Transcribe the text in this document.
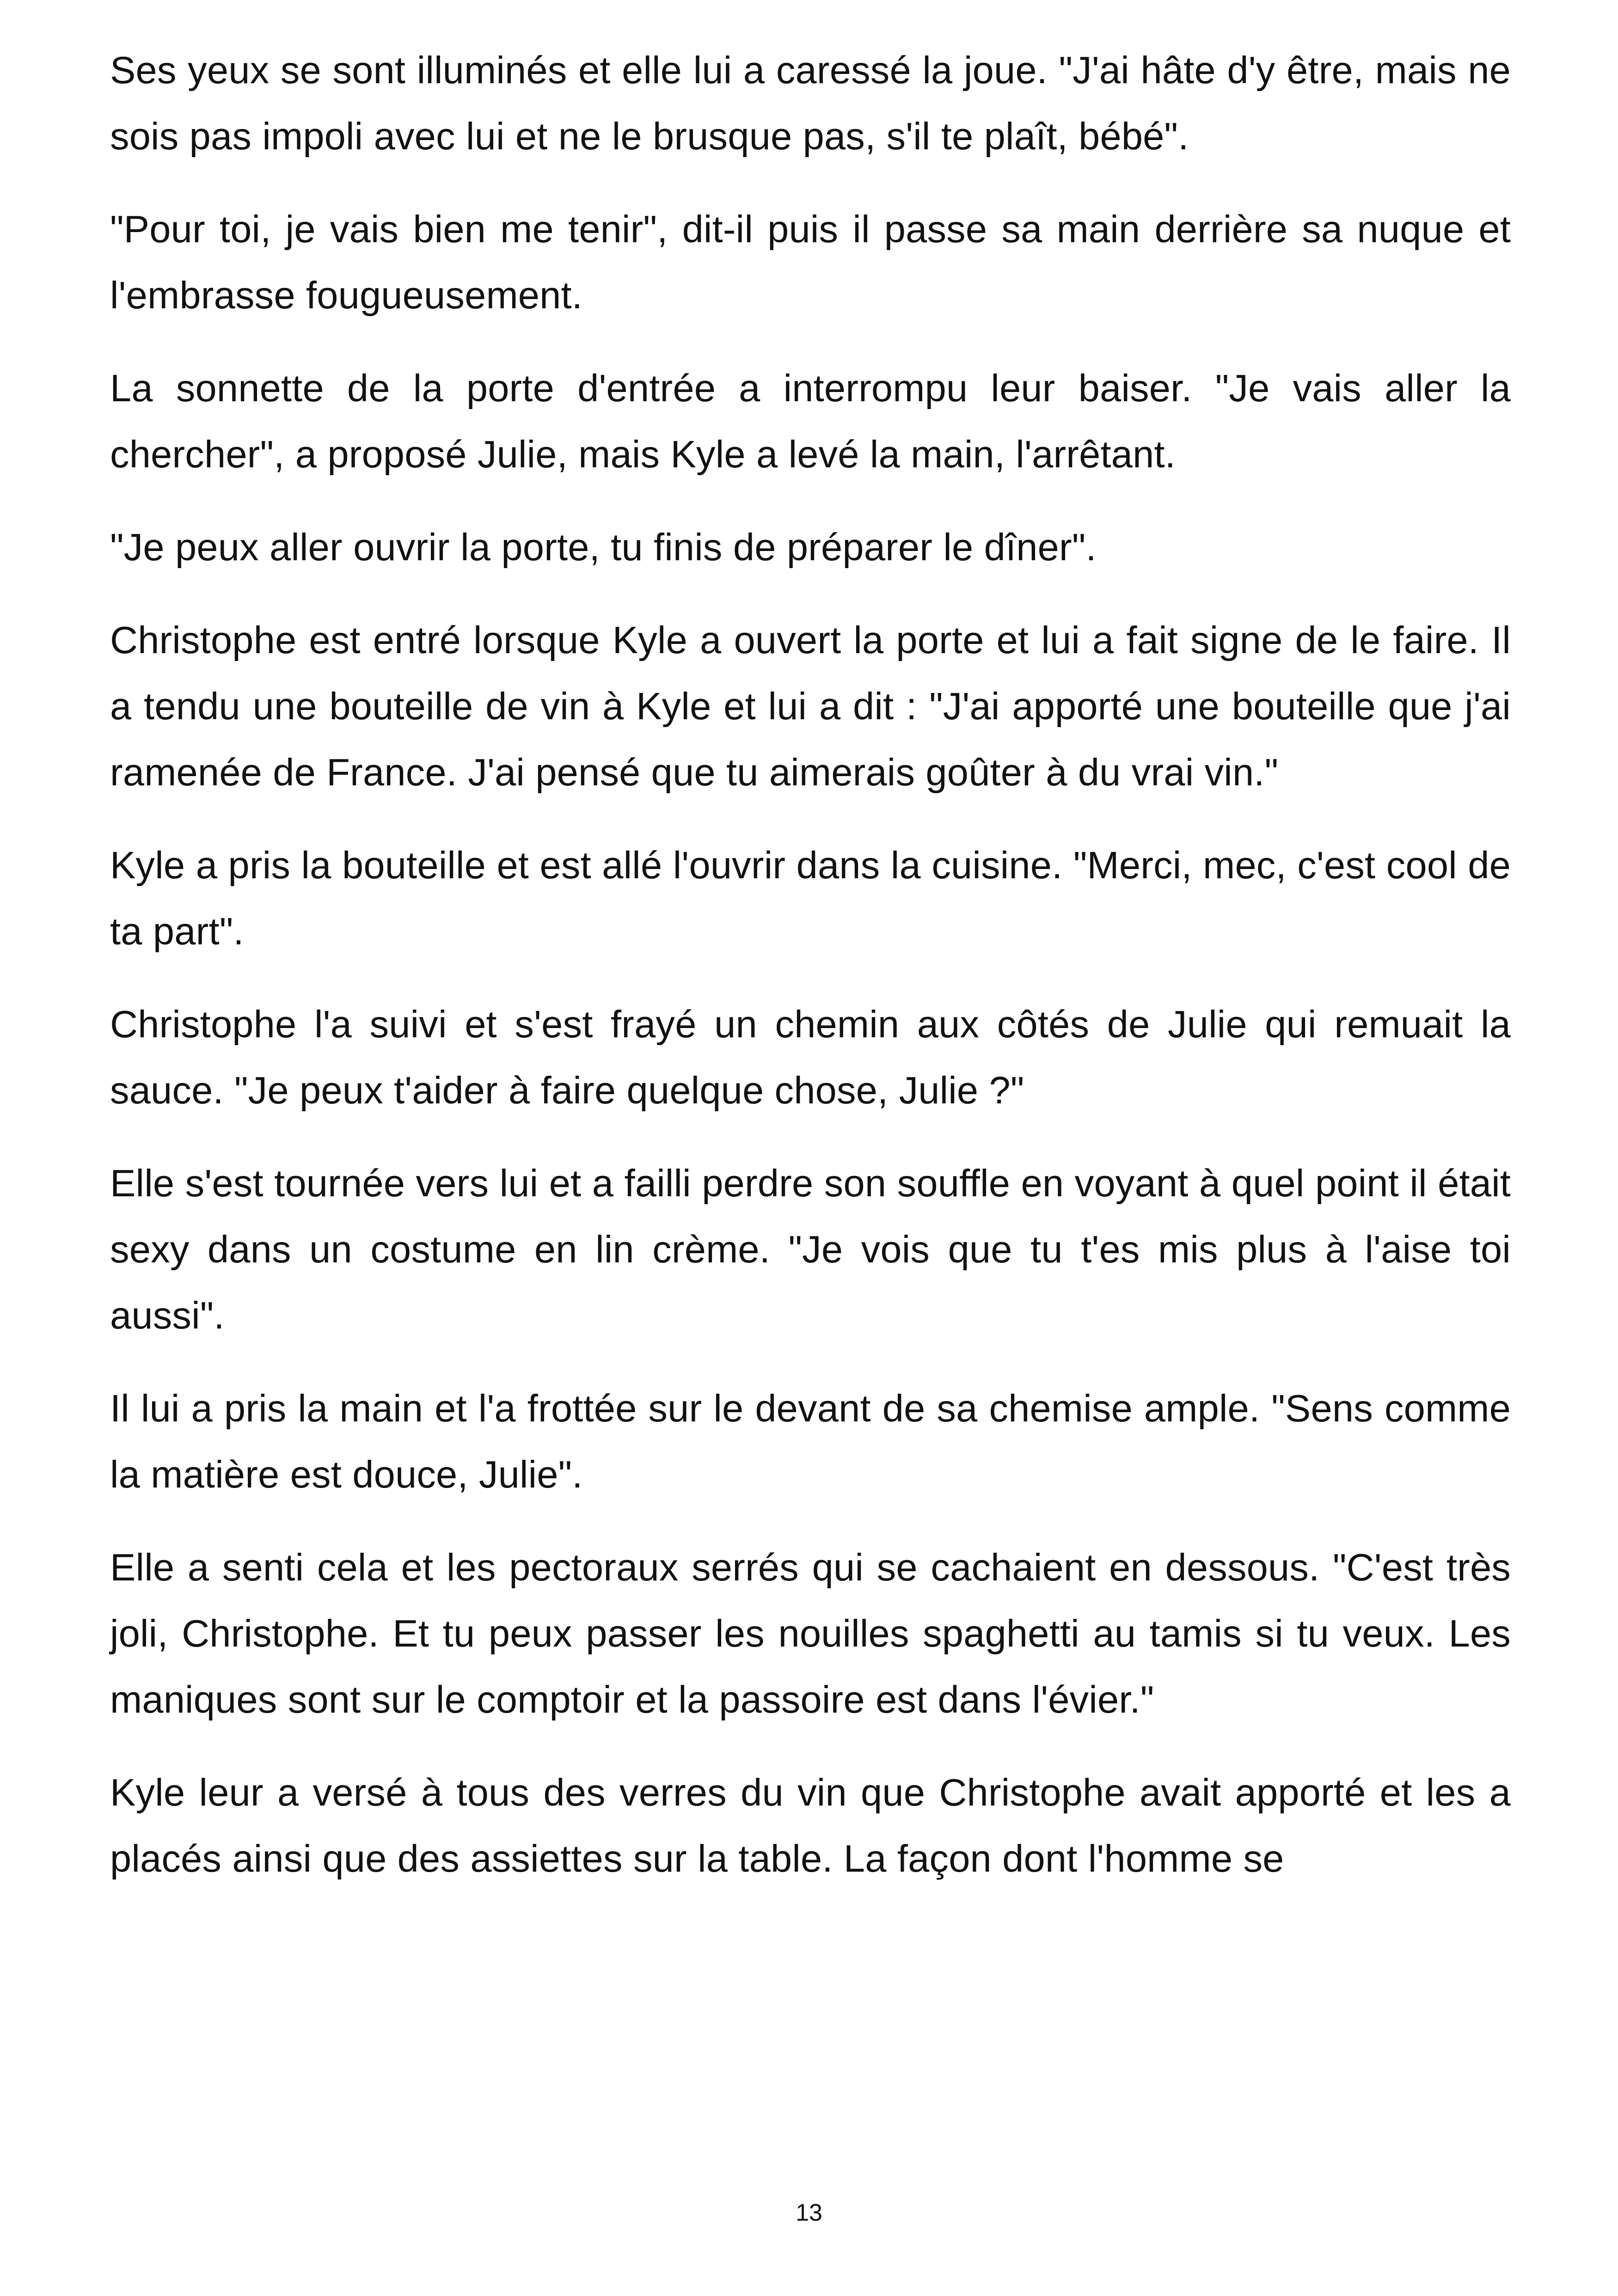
Ses yeux se sont illuminés et elle lui a caressé la joue. "J'ai hâte d'y être, mais ne sois pas impoli avec lui et ne le brusque pas, s'il te plaît, bébé".

"Pour toi, je vais bien me tenir", dit-il puis il passe sa main derrière sa nuque et l'embrasse fougueusement.

La sonnette de la porte d'entrée a interrompu leur baiser. "Je vais aller la chercher", a proposé Julie, mais Kyle a levé la main, l'arrêtant.

"Je peux aller ouvrir la porte, tu finis de préparer le dîner".

Christophe est entré lorsque Kyle a ouvert la porte et lui a fait signe de le faire. Il a tendu une bouteille de vin à Kyle et lui a dit : "J'ai apporté une bouteille que j'ai ramenée de France. J'ai pensé que tu aimerais goûter à du vrai vin."

Kyle a pris la bouteille et est allé l'ouvrir dans la cuisine. "Merci, mec, c'est cool de ta part".

Christophe l'a suivi et s'est frayé un chemin aux côtés de Julie qui remuait la sauce. "Je peux t'aider à faire quelque chose, Julie ?"

Elle s'est tournée vers lui et a failli perdre son souffle en voyant à quel point il était sexy dans un costume en lin crème. "Je vois que tu t'es mis plus à l'aise toi aussi".

Il lui a pris la main et l'a frottée sur le devant de sa chemise ample. "Sens comme la matière est douce, Julie".

Elle a senti cela et les pectoraux serrés qui se cachaient en dessous. "C'est très joli, Christophe. Et tu peux passer les nouilles spaghetti au tamis si tu veux. Les maniques sont sur le comptoir et la passoire est dans l'évier."

Kyle leur a versé à tous des verres du vin que Christophe avait apporté et les a placés ainsi que des assiettes sur la table. La façon dont l'homme se

13
